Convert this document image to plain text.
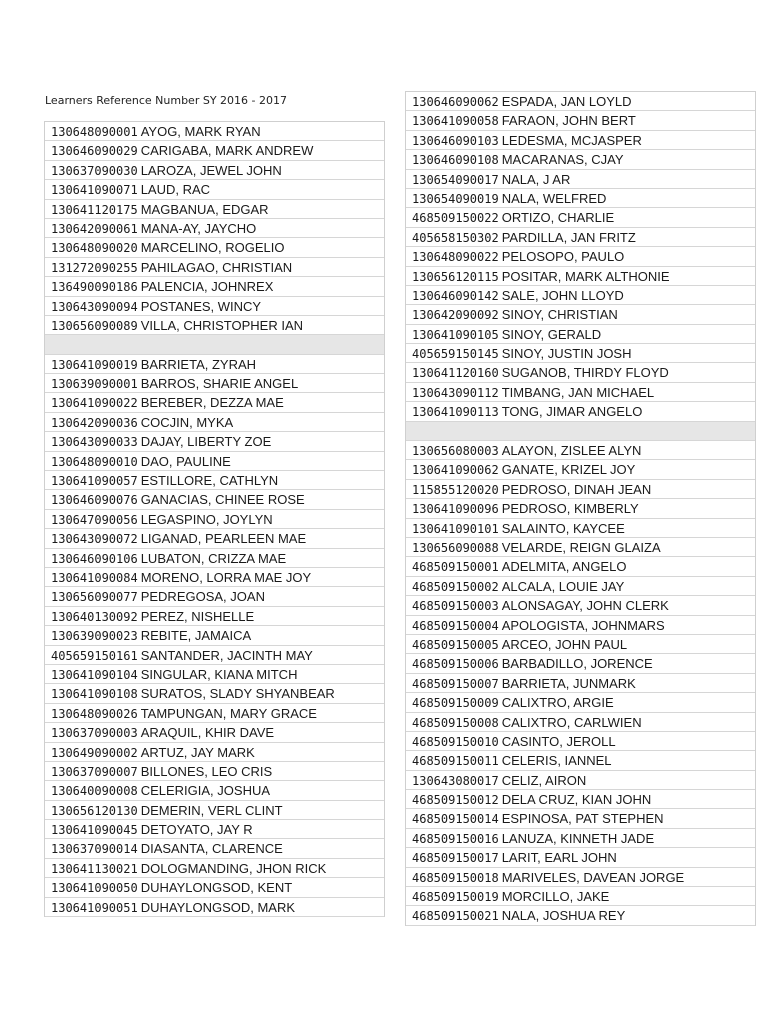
Learners Reference Number SY 2016 - 2017
130648090001 AYOG, MARK RYAN
130646090029 CARIGABA, MARK ANDREW
130637090030 LAROZA, JEWEL JOHN
130641090071 LAUD, RAC
130641120175 MAGBANUA, EDGAR
130642090061 MANA-AY, JAYCHO
130648090020 MARCELINO, ROGELIO
131272090255 PAHILAGAO, CHRISTIAN
136490090186 PALENCIA, JOHNREX
130643090094 POSTANES, WINCY
130656090089 VILLA, CHRISTOPHER IAN
130641090019 BARRIETA, ZYRAH
130639090001 BARROS, SHARIE ANGEL
130641090022 BEREBER, DEZZA MAE
130642090036 COCJIN, MYKA
130643090033 DAJAY, LIBERTY ZOE
130648090010 DAO, PAULINE
130641090057 ESTILLORE, CATHLYN
130646090076 GANACIAS, CHINEE ROSE
130647090056 LEGASPINO, JOYLYN
130643090072 LIGANAD, PEARLEEN MAE
130646090106 LUBATON, CRIZZA MAE
130641090084 MORENO, LORRA MAE JOY
130656090077 PEDREGOSA, JOAN
130640130092 PEREZ, NISHELLE
130639090023 REBITE, JAMAICA
405659150161 SANTANDER, JACINTH MAY
130641090104 SINGULAR, KIANA MITCH
130641090108 SURATOS, SLADY SHYANBEAR
130648090026 TAMPUNGAN, MARY GRACE
130637090003 ARAQUIL, KHIR DAVE
130649090002 ARTUZ, JAY MARK
130637090007 BILLONES, LEO CRIS
130640090008 CELERIGIA, JOSHUA
130656120130 DEMERIN, VERL CLINT
130641090045 DETOYATO, JAY R
130637090014 DIASANTA, CLARENCE
130641130021 DOLOGMANDING, JHON RICK
130641090050 DUHAYLONGSOD, KENT
130641090051 DUHAYLONGSOD, MARK
130646090062 ESPADA, JAN LOYLD
130641090058 FARAON, JOHN BERT
130646090103 LEDESMA, MCJASPER
130646090108 MACARANAS, CJAY
130654090017 NALA, J AR
130654090019 NALA, WELFRED
468509150022 ORTIZO, CHARLIE
405658150302 PARDILLA, JAN FRITZ
130648090022 PELOSOPO, PAULO
130656120115 POSITAR, MARK ALTHONIE
130646090142 SALE, JOHN LLOYD
130642090092 SINOY, CHRISTIAN
130641090105 SINOY, GERALD
405659150145 SINOY, JUSTIN JOSH
130641120160 SUGANOB, THIRDY FLOYD
130643090112 TIMBANG, JAN MICHAEL
130641090113 TONG, JIMAR ANGELO
130656080003 ALAYON, ZISLEE ALYN
130641090062 GANATE, KRIZEL JOY
115855120020 PEDROSO, DINAH JEAN
130641090096 PEDROSO, KIMBERLY
130641090101 SALAINTO, KAYCEE
130656090088 VELARDE, REIGN GLAIZA
468509150001 ADELMITA, ANGELO
468509150002 ALCALA, LOUIE JAY
468509150003 ALONSAGAY, JOHN CLERK
468509150004 APOLOGISTA, JOHNMARS
468509150005 ARCEO, JOHN PAUL
468509150006 BARBADILLO, JORENCE
468509150007 BARRIETA, JUNMARK
468509150009 CALIXTRO, ARGIE
468509150008 CALIXTRO, CARLWIEN
468509150010 CASINTO, JEROLL
468509150011 CELERIS, IANNEL
130643080017 CELIZ, AIRON
468509150012 DELA CRUZ, KIAN JOHN
468509150014 ESPINOSA, PAT STEPHEN
468509150016 LANUZA, KINNETH JADE
468509150017 LARIT, EARL JOHN
468509150018 MARIVELES, DAVEAN JORGE
468509150019 MORCILLO, JAKE
468509150021 NALA, JOSHUA REY
